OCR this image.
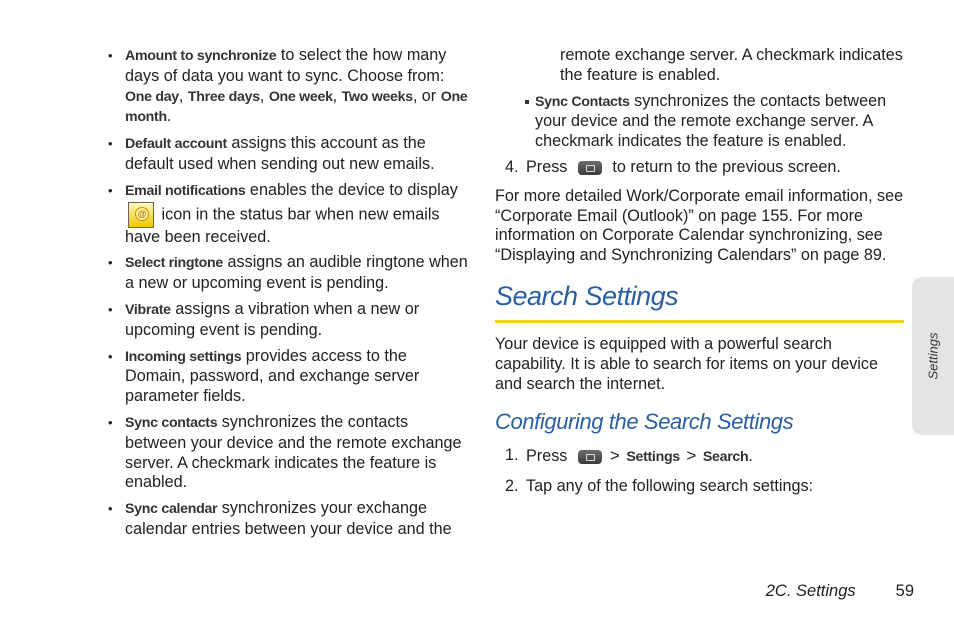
• Amount to synchronize to select the how many days of data you want to sync. Choose from: One day, Three days, One week, Two weeks, or One month.

• Default account assigns this account as the default used when sending out new emails.

• Email notifications enables the device to display
@ icon in the status bar when new emails have been received.

• Select ringtone assigns an audible ringtone when a new or upcoming event is pending.

• Vibrate assigns a vibration when a new or upcoming event is pending.

• Incoming settings provides access to the Domain, password, and exchange server parameter fields.

• Sync contacts synchronizes the contacts between your device and the remote exchange server. A checkmark indicates the feature is enabled.

• Sync calendar synchronizes your exchange calendar entries between your device and the

remote exchange server. A checkmark indicates the feature is enabled.

Sync Contacts synchronizes the contacts between your device and the remote exchange server. A checkmark indicates the feature is enabled.

4. Press  to return to the previous screen.

For more detailed Work/Corporate email information, see “Corporate Email (Outlook)” on page 155. For more information on Corporate Calendar synchronizing, see “Displaying and Synchronizing Calendars” on page 89.

Search Settings

Your device is equipped with a powerful search capability. It is able to search for items on your device and search the internet.

Configuring the Search Settings

1. Press > Settings > Search.

2. Tap any of the following search settings:

Settings
2C. Settings 59
